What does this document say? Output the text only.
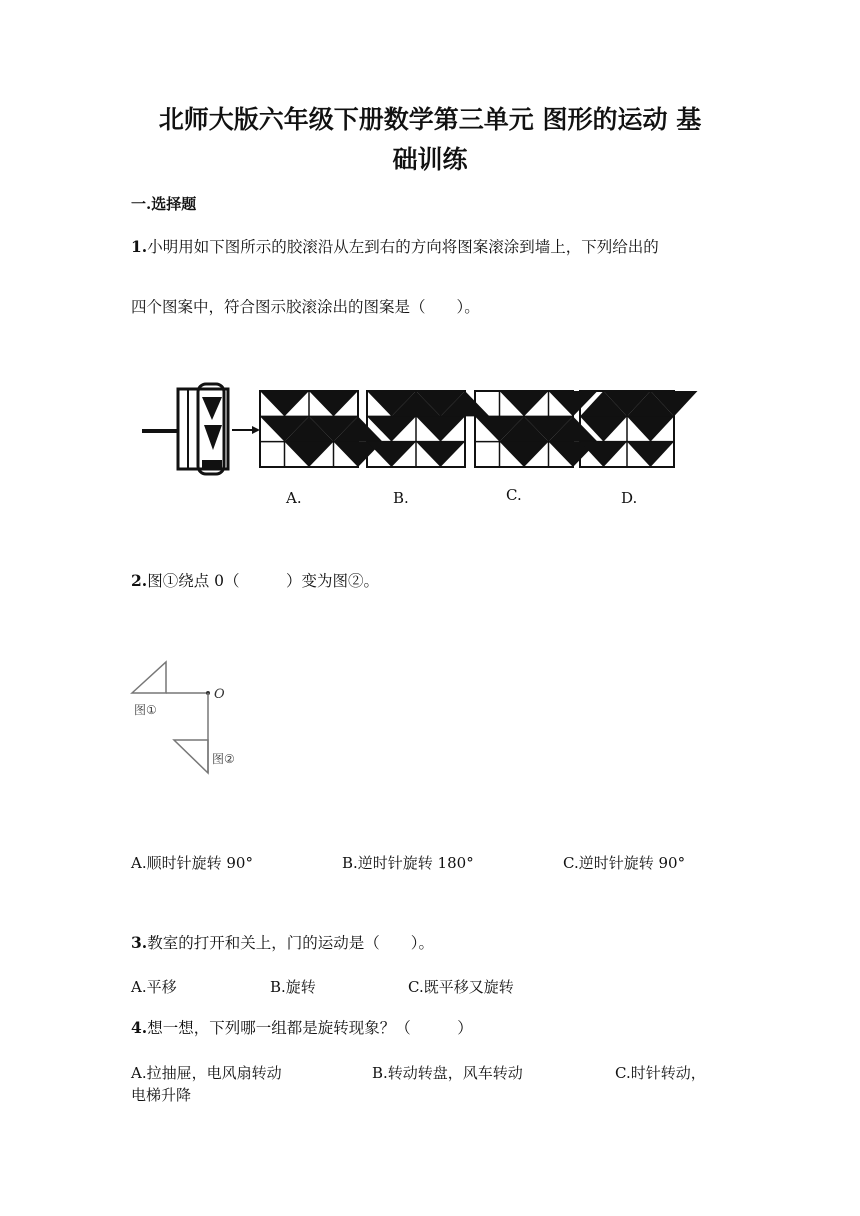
北师大版六年级下册数学第三单元 图形的运动 基
础训练
一.选择题
1.小明用如下图所示的胶滚沿从左到右的方向将图案滚涂到墙上，下列给出的
四个图案中，符合图示胶滚涂出的图案是（　　）。
A.	B.	C.	D.
2.图①绕点 0（　　　）变为图②。
O
图①
图②
A.顺时针旋转 90°	B.逆时针旋转 180°	C.逆时针旋转 90°
3.教室的打开和关上，门的运动是（　　）。
A.平移	B.旋转	C.既平移又旋转
4.想一想，下列哪一组都是旋转现象？（　　　）
A.拉抽屉，电风扇转动	B.转动转盘，风车转动	C.时针转动，
电梯升降
